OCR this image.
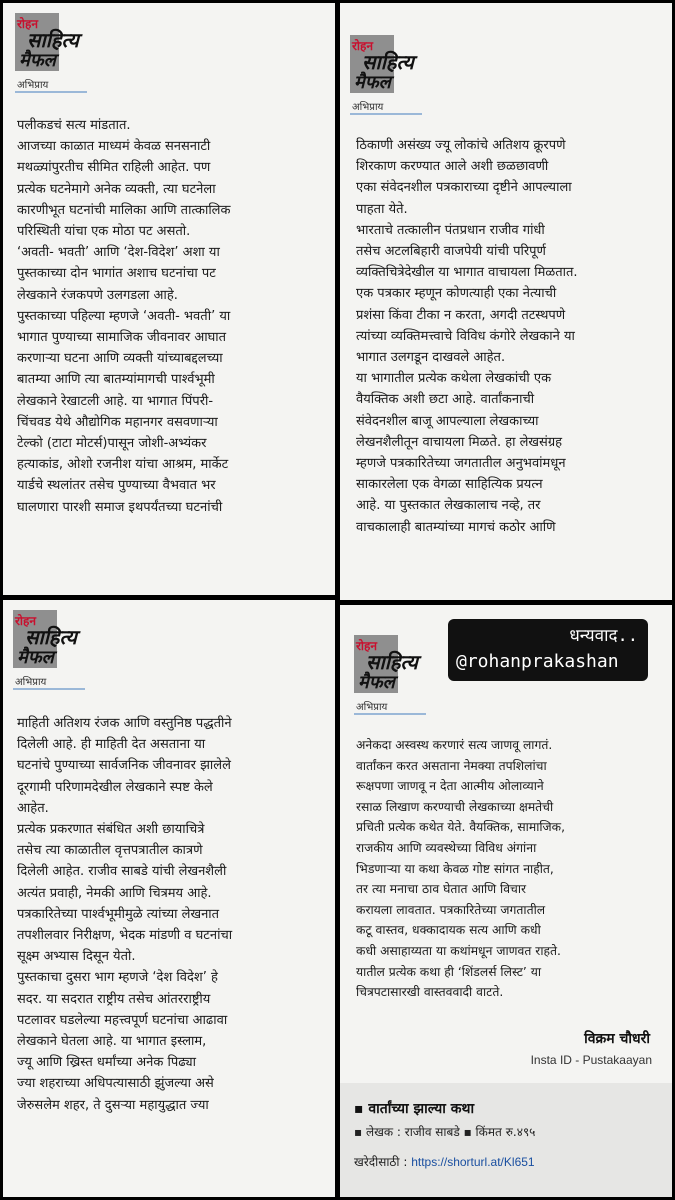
रोहन
साहित्य
मैफल
अभिप्राय
पलीकडचं सत्य मांडतात.
आजच्या काळात माध्यमं केवळ सनसनाटी
मथळ्यांपुरतीच सीमित राहिली आहेत. पण
प्रत्येक घटनेमागे अनेक व्यक्ती, त्या घटनेला
कारणीभूत घटनांची मालिका आणि तात्कालिक
परिस्थिती यांचा एक मोठा पट असतो.
‘अवती- भवती’ आणि ‘देश-विदेश’ अशा या
पुस्तकाच्या दोन भागांत अशाच घटनांचा पट
लेखकाने रंजकपणे उलगडला आहे.
पुस्तकाच्या पहिल्या म्हणजे ‘अवती- भवती’ या
भागात पुण्याच्या सामाजिक जीवनावर आघात
करणाऱ्या घटना आणि व्यक्ती यांच्याबद्दलच्या
बातम्या आणि त्या बातम्यांमागची पार्श्वभूमी
लेखकाने रेखाटली आहे. या भागात पिंपरी-
चिंचवड येथे औद्योगिक महानगर वसवणाऱ्या
टेल्को (टाटा मोटर्स)पासून जोशी-अभ्यंकर
हत्याकांड, ओशो रजनीश यांचा आश्रम, मार्केट
यार्डचे स्थलांतर तसेच पुण्याच्या वैभवात भर
घालणारा पारशी समाज इथपर्यंतच्या घटनांची
रोहन
साहित्य
मैफल
अभिप्राय
ठिकाणी असंख्य ज्यू लोकांचे अतिशय क्रूरपणे
शिरकाण करण्यात आले अशी छळछावणी
एका संवेदनशील पत्रकाराच्या दृष्टीने आपल्याला
पाहता येते.
भारताचे तत्कालीन पंतप्रधान राजीव गांधी
तसेच अटलबिहारी वाजपेयी यांची परिपूर्ण
व्यक्तिचित्रेदेखील या भागात वाचायला मिळतात.
एक पत्रकार म्हणून कोणत्याही एका नेत्याची
प्रशंसा किंवा टीका न करता, अगदी तटस्थपणे
त्यांच्या व्यक्तिमत्त्वाचे विविध कंगोरे लेखकाने या
भागात उलगडून दाखवले आहेत.
या भागातील प्रत्येक कथेला लेखकांची एक
वैयक्तिक अशी छटा आहे. वार्तांकनाची
संवेदनशील बाजू आपल्याला लेखकाच्या
लेखनशैलीतून वाचायला मिळते. हा लेखसंग्रह
म्हणजे पत्रकारितेच्या जगतातील अनुभवांमधून
साकारलेला एक वेगळा साहित्यिक प्रयत्न
आहे. या पुस्तकात लेखकालाच नव्हे, तर
वाचकालाही बातम्यांच्या मागचं कठोर आणि
रोहन
साहित्य
मैफल
अभिप्राय
माहिती अतिशय रंजक आणि वस्तुनिष्ठ पद्धतीने
दिलेली आहे. ही माहिती देत असताना या
घटनांचे पुण्याच्या सार्वजनिक जीवनावर झालेले
दूरगामी परिणामदेखील लेखकाने स्पष्ट केले
आहेत.
प्रत्येक प्रकरणात संबंधित अशी छायाचित्रे
तसेच त्या काळातील वृत्तपत्रातील कात्रणे
दिलेली आहेत. राजीव साबडे यांची लेखनशैली
अत्यंत प्रवाही, नेमकी आणि चित्रमय आहे.
पत्रकारितेच्या पार्श्वभूमीमुळे त्यांच्या लेखनात
तपशीलवार निरीक्षण, भेदक मांडणी व घटनांचा
सूक्ष्म अभ्यास दिसून येतो.
पुस्तकाचा दुसरा भाग म्हणजे ‘देश विदेश’ हे
सदर. या सदरात राष्ट्रीय तसेच आंतरराष्ट्रीय
पटलावर घडलेल्या महत्त्वपूर्ण घटनांचा आढावा
लेखकाने घेतला आहे. या भागात इस्लाम,
ज्यू आणि ख्रिस्त धर्मांच्या अनेक पिढ्या
ज्या शहराच्या अधिपत्यासाठी झुंजल्या असे
जेरुसलेम शहर, ते दुसऱ्या महायुद्धात ज्या
रोहन
साहित्य
मैफल
अभिप्राय
धन्यवाद..
@rohanprakashan
अनेकदा अस्वस्थ करणारं सत्य जाणवू लागतं.
वार्तांकन करत असताना नेमक्या तपशिलांचा
रूक्षपणा जाणवू न देता आत्मीय ओलाव्याने
रसाळ लिखाण करण्याची लेखकाच्या क्षमतेची
प्रचिती प्रत्येक कथेत येते. वैयक्तिक, सामाजिक,
राजकीय आणि व्यवस्थेच्या विविध अंगांना
भिडणाऱ्या या कथा केवळ गोष्ट सांगत नाहीत,
तर त्या मनाचा ठाव घेतात आणि विचार
करायला लावतात. पत्रकारितेच्या जगतातील
कटू वास्तव, धक्कादायक सत्य आणि कधी
कधी असाहाय्यता या कथांमधून जाणवत राहते.
यातील प्रत्येक कथा ही ‘शिंडलर्स लिस्ट’ या
चित्रपटासारखी वास्तववादी वाटते.
विक्रम चौधरी
Insta ID - Pustakaayan
▪ वार्तांच्या झाल्या कथा
▪ लेखक : राजीव साबडे ▪ किंमत रु.४९५
खरेदीसाठी : https://shorturl.at/Kl651
